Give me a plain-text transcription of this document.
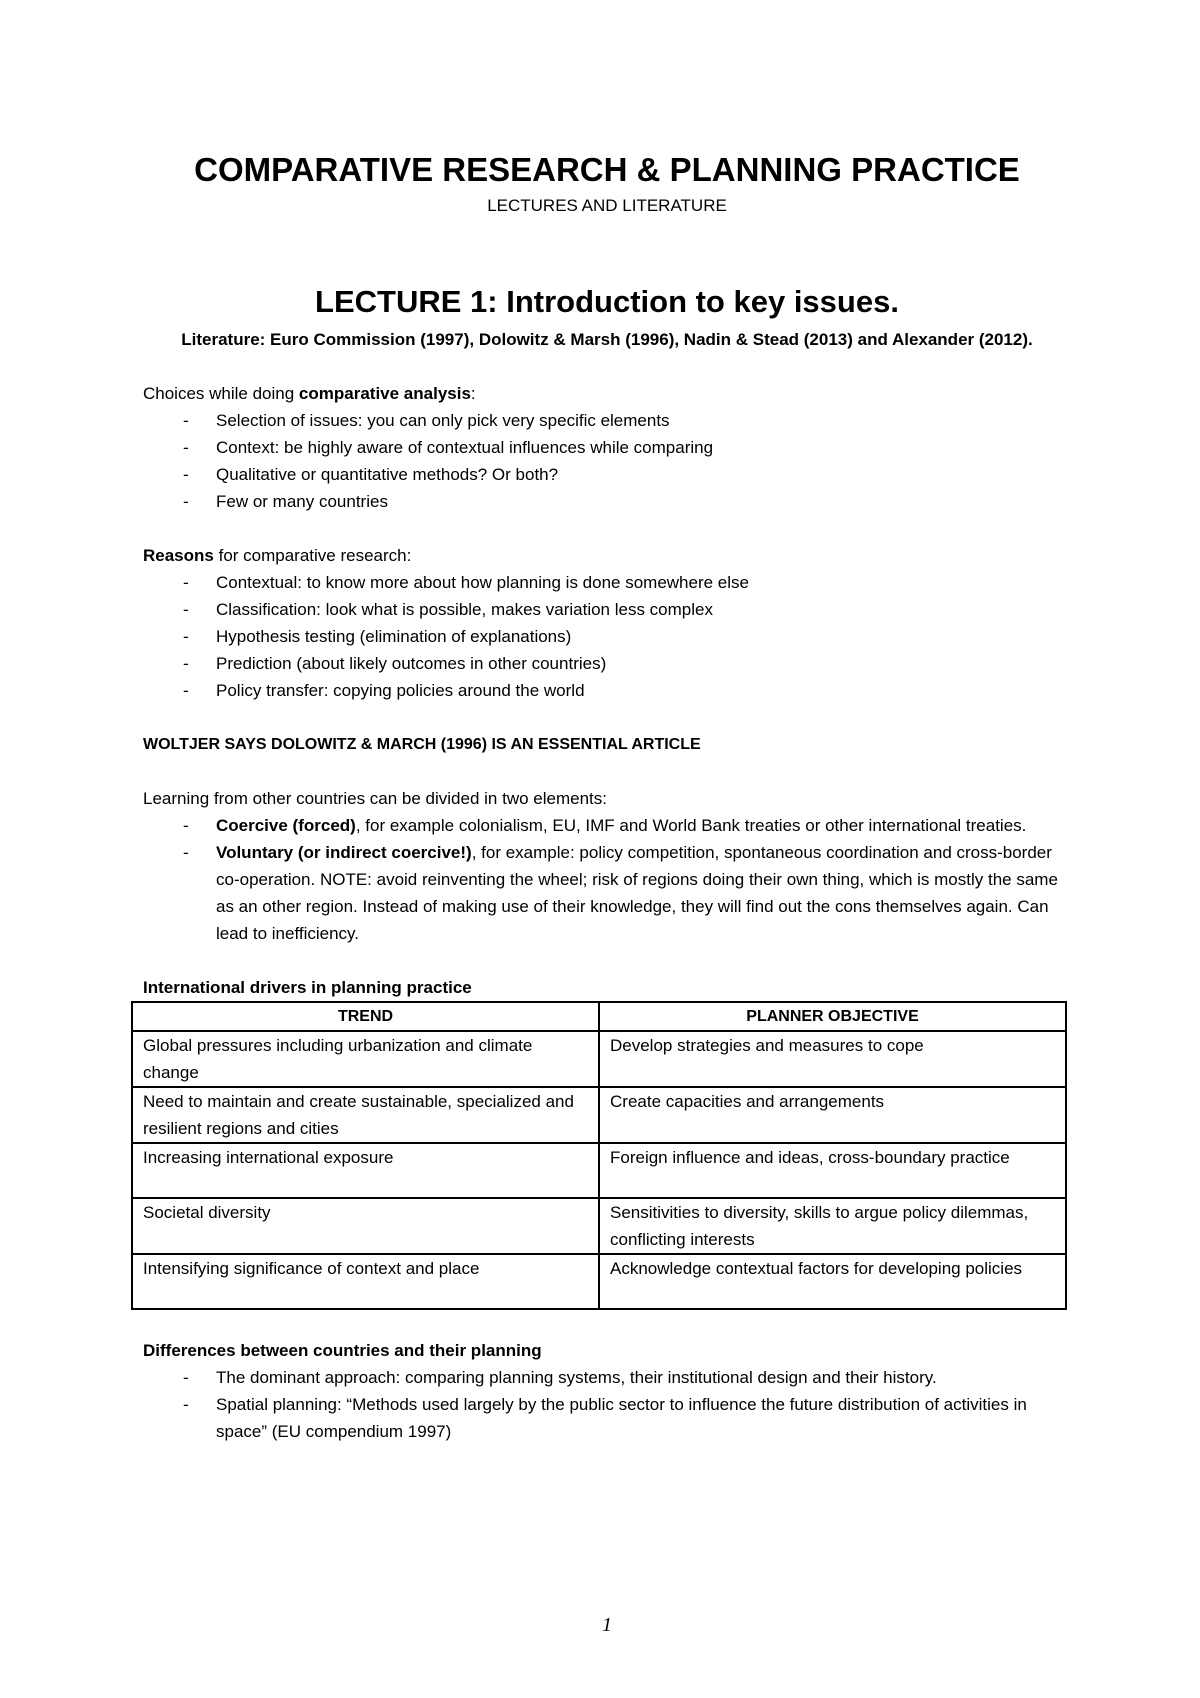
COMPARATIVE RESEARCH & PLANNING PRACTICE
LECTURES AND LITERATURE
LECTURE 1: Introduction to key issues.
Literature: Euro Commission (1997), Dolowitz & Marsh (1996), Nadin & Stead (2013) and Alexander (2012).

Choices while doing comparative analysis:

- Selection of issues: you can only pick very specific elements
- Context: be highly aware of contextual influences while comparing
- Qualitative or quantitative methods? Or both?
- Few or many countries

Reasons for comparative research:

- Contextual: to know more about how planning is done somewhere else
- Classification: look what is possible, makes variation less complex
- Hypothesis testing (elimination of explanations)
- Prediction (about likely outcomes in other countries)
- Policy transfer: copying policies around the world
WOLTJER SAYS DOLOWITZ & MARCH (1996) IS AN ESSENTIAL ARTICLE

Learning from other countries can be divided in two elements:

- Coercive (forced), for example colonialism, EU, IMF and World Bank treaties or other international treaties.
- Voluntary (or indirect coercive!), for example: policy competition, spontaneous coordination and cross-border co-operation. NOTE: avoid reinventing the wheel; risk of regions doing their own thing, which is mostly the same as an other region. Instead of making use of their knowledge, they will find out the cons themselves again. Can lead to inefficiency.
International drivers in planning practice
TREND	PLANNER OBJECTIVE
Global pressures including urbanization and climate change	Develop strategies and measures to cope
Need to maintain and create sustainable, specialized and resilient regions and cities	Create capacities and arrangements
Increasing international exposure	Foreign influence and ideas, cross-boundary practice
Societal diversity	Sensitivities to diversity, skills to argue policy dilemmas, conflicting interests
Intensifying significance of context and place	Acknowledge contextual factors for developing policies
Differences between countries and their planning
- The dominant approach: comparing planning systems, their institutional design and their history.
- Spatial planning: “Methods used largely by the public sector to influence the future distribution of activities in space” (EU compendium 1997)
1
